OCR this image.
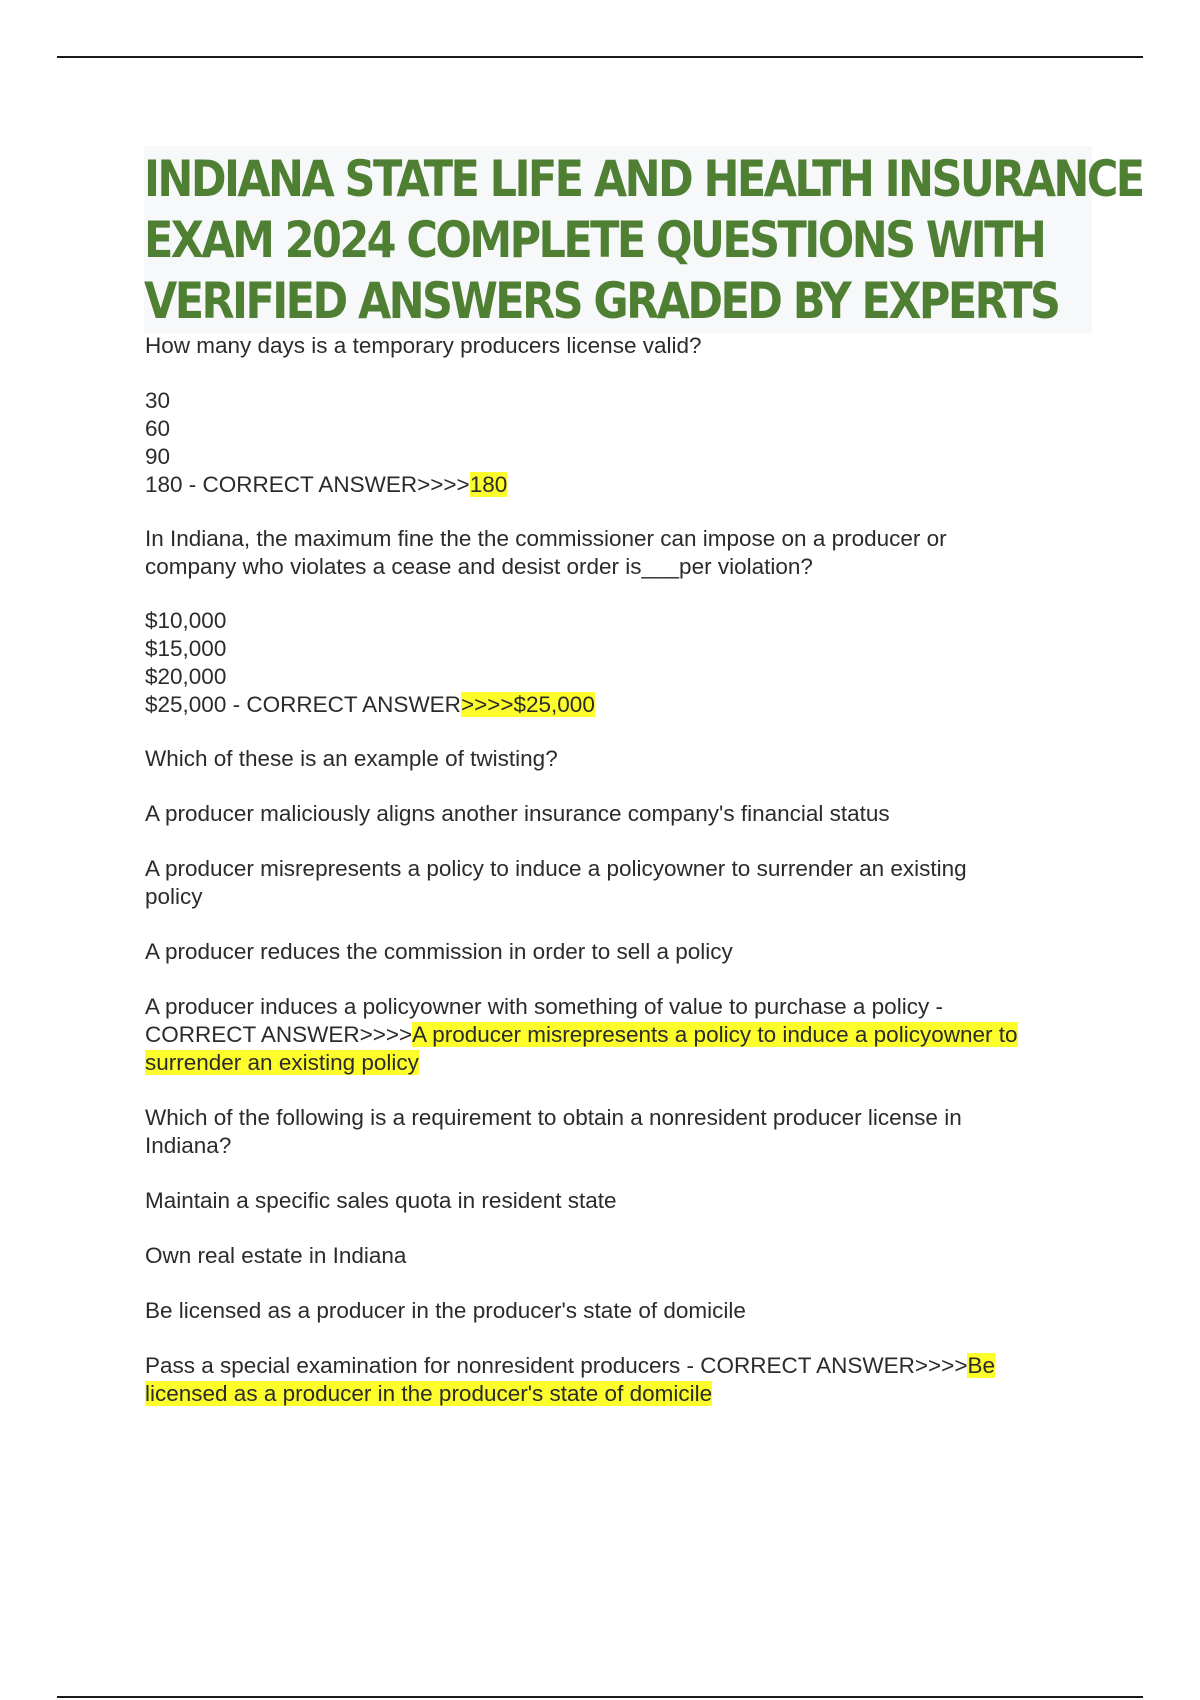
INDIANA STATE LIFE AND HEALTH INSURANCE
EXAM 2024 COMPLETE QUESTIONS WITH
VERIFIED ANSWERS GRADED BY EXPERTS

How many days is a temporary producers license valid?

30

60

90

180 - CORRECT ANSWER>>>>180

In Indiana, the maximum fine the the commissioner can impose on a producer or

company who violates a cease and desist order is___per violation?

$10,000

$15,000

$20,000

$25,000 - CORRECT ANSWER>>>>$25,000

Which of these is an example of twisting?

A producer maliciously aligns another insurance company's financial status

A producer misrepresents a policy to induce a policyowner to surrender an existing

policy

A producer reduces the commission in order to sell a policy

A producer induces a policyowner with something of value to purchase a policy -

CORRECT ANSWER>>>>A producer misrepresents a policy to induce a policyowner to

surrender an existing policy

Which of the following is a requirement to obtain a nonresident producer license in

Indiana?

Maintain a specific sales quota in resident state

Own real estate in Indiana

Be licensed as a producer in the producer's state of domicile

Pass a special examination for nonresident producers - CORRECT ANSWER>>>>Be

licensed as a producer in the producer's state of domicile
